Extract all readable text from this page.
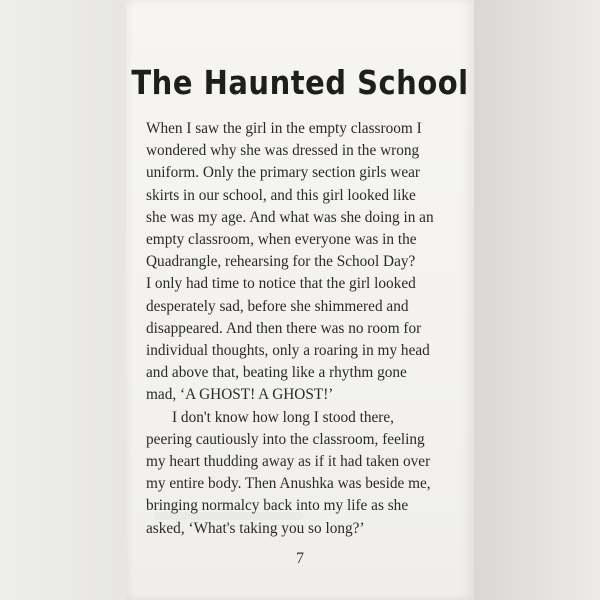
The Haunted School
When I saw the girl in the empty classroom I
wondered why she was dressed in the wrong
uniform. Only the primary section girls wear
skirts in our school, and this girl looked like
she was my age. And what was she doing in an
empty classroom, when everyone was in the
Quadrangle, rehearsing for the School Day?
I only had time to notice that the girl looked
desperately sad, before she shimmered and
disappeared. And then there was no room for
individual thoughts, only a roaring in my head
and above that, beating like a rhythm gone
mad, ‘A GHOST! A GHOST!’
I don't know how long I stood there,
peering cautiously into the classroom, feeling
my heart thudding away as if it had taken over
my entire body. Then Anushka was beside me,
bringing normalcy back into my life as she
asked, ‘What's taking you so long?’
7
